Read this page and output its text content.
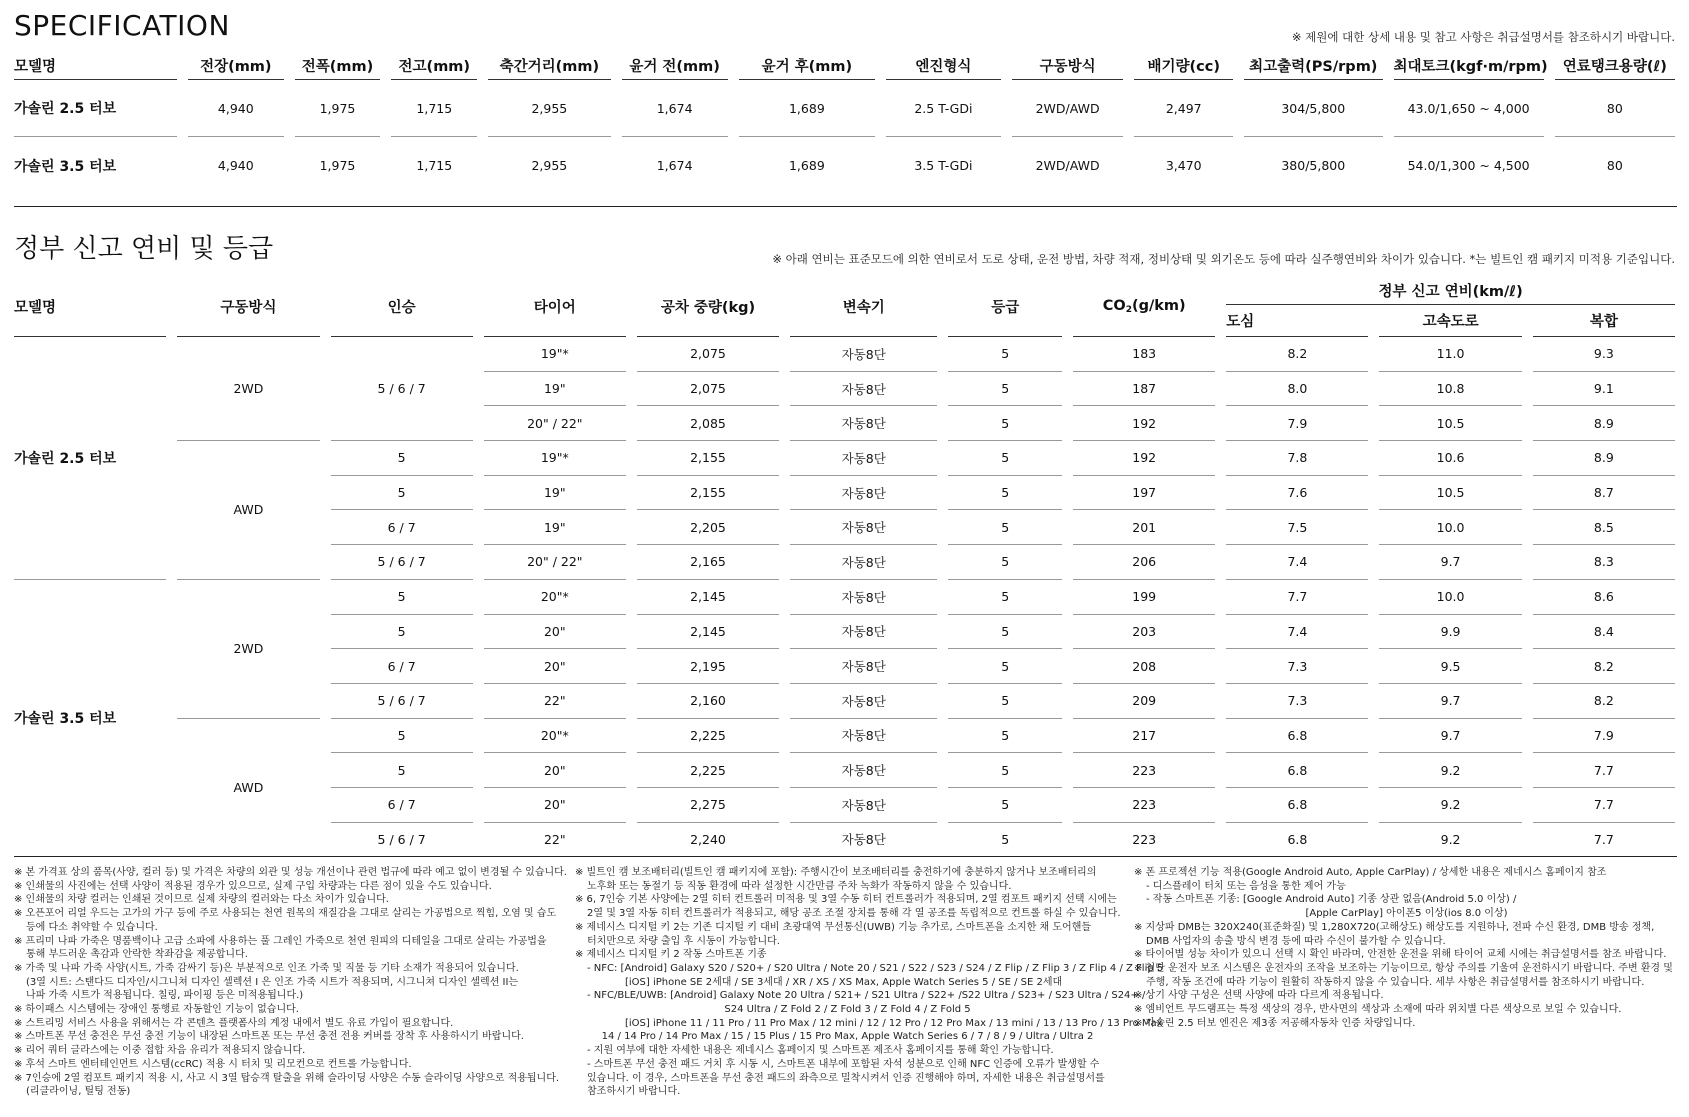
SPECIFICATION	※ 제원에 대한 상세 내용 및 참고 사항은 취급설명서를 참조하시기 바랍니다.
모델명	전장(mm)	전폭(mm)	전고(mm)	축간거리(mm)	윤거 전(mm)	윤거 후(mm)	엔진형식	구동방식	배기량(cc)	최고출력(PS/rpm)	최대토크(kgf·m/rpm)	연료탱크용량(ℓ)
가솔린 2.5 터보	4,940	1,975	1,715	2,955	1,674	1,689	2.5 T-GDi	2WD/AWD	2,497	304/5,800	43.0/1,650 ~ 4,000	80
가솔린 3.5 터보	4,940	1,975	1,715	2,955	1,674	1,689	3.5 T-GDi	2WD/AWD	3,470	380/5,800	54.0/1,300 ~ 4,500	80
정부 신고 연비 및 등급	※ 아래 연비는 표준모드에 의한 연비로서 도로 상태, 운전 방법, 차량 적재, 정비상태 및 외기온도 등에 따라 실주행연비와 차이가 있습니다. *는 빌트인 캠 패키지 미적용 기준입니다.
모델명	구동방식	인승	타이어	공차 중량(kg)	변속기	등급	$CO_2(g/km)$	정부 신고 연비(km/ℓ)		
								도심	고속도로	복합
가솔린 2.5 터보	2WD	5 / 6 / 7	19"*	2,075	자동8단	5	183	8.2	11.0	9.3
			19"	2,075	자동8단	5	187	8.0	10.8	9.1
			20" / 22"	2,085	자동8단	5	192	7.9	10.5	8.9
	AWD	5	19"*	2,155	자동8단	5	192	7.8	10.6	8.9
		5	19"	2,155	자동8단	5	197	7.6	10.5	8.7
		6 / 7	19"	2,205	자동8단	5	201	7.5	10.0	8.5
		5 / 6 / 7	20" / 22"	2,165	자동8단	5	206	7.4	9.7	8.3
가솔린 3.5 터보	2WD	5	20"*	2,145	자동8단	5	199	7.7	10.0	8.6
		5	20"	2,145	자동8단	5	203	7.4	9.9	8.4
		6 / 7	20"	2,195	자동8단	5	208	7.3	9.5	8.2
		5 / 6 / 7	22"	2,160	자동8단	5	209	7.3	9.7	8.2
	AWD	5	20"*	2,225	자동8단	5	217	6.8	9.7	7.9
		5	20"	2,225	자동8단	5	223	6.8	9.2	7.7
		6 / 7	20"	2,275	자동8단	5	223	6.8	9.2	7.7
		5 / 6 / 7	22"	2,240	자동8단	5	223	6.8	9.2	7.7
※ 본 가격표 상의 품목(사양, 컬러 등) 및 가격은 차량의 외관 및 성능 개선이나 관련 법규에 따라 예고 없이 변경될 수 있습니다.
※ 인쇄물의 사진에는 선택 사양이 적용된 경우가 있으므로, 실제 구입 차량과는 다른 점이 있을 수도 있습니다.
※ 인쇄물의 차량 컬러는 인쇄된 것이므로 실제 차량의 컬러와는 다소 차이가 있습니다.
※ 오픈포어 리얼 우드는 고가의 가구 등에 주로 사용되는 천연 원목의 재질감을 그대로 살리는 가공법으로 찍힘, 오염 및 습도
등에 다소 취약할 수 있습니다.
※ 프리미 나파 가죽은 명품백이나 고급 소파에 사용하는 풀 그레인 가죽으로 천연 원피의 디테일을 그대로 살리는 가공법을
통해 부드러운 촉감과 안락한 착좌감을 제공합니다.
※ 가죽 및 나파 가죽 사양(시트, 가죽 감싸기 등)은 부분적으로 인조 가죽 및 직물 등 기타 소재가 적용되어 있습니다.
(3열 시트: 스탠다드 디자인/시그니쳐 디자인 셀렉션 I 은 인조 가죽 시트가 적용되며, 시그니쳐 디자인 셀렉션 II는
나파 가죽 시트가 적용됩니다. 칠링, 파이핑 등은 미적용됩니다.)
※ 하이패스 시스템에는 장애인 통행료 자동할인 기능이 없습니다.
※ 스트리밍 서비스 사용을 위해서는 각 콘텐츠 플랫폼사의 계정 내에서 별도 유료 가입이 필요합니다.
※ 스마트폰 무선 충전은 무선 충전 기능이 내장된 스마트폰 또는 무선 충전 전용 커버를 장착 후 사용하시기 바랍니다.
※ 리어 쿼터 글라스에는 이중 접합 차음 유리가 적용되지 않습니다.
※ 후석 스마트 엔터테인먼트 시스템(ccRC) 적용 시 터치 및 리모컨으로 컨트롤 가능합니다.
※ 7인승에 2열 컴포트 패키지 적용 시, 사고 시 3열 탑승객 탈출을 위해 슬라이딩 사양은 수동 슬라이딩 사양으로 적용됩니다.
(리클라이닝, 틸팅 전동)
※ 빌트인 캠 보조배터리(빌트인 캠 패키지에 포함): 주행시간이 보조배터리를 충전하기에 충분하지 않거나 보조배터리의
노후화 또는 동절기 등 직동 환경에 따라 설정한 시간만큼 주차 녹화가 작동하지 않을 수 있습니다.
※ 6, 7인승 기본 사양에는 2열 히터 컨트롤러 미적용 및 3열 수동 히터 컨트롤러가 적용되며, 2열 컴포트 패키지 선택 시에는
2열 및 3열 자동 히터 컨트롤러가 적용되고, 해당 공조 조절 장치를 통해 각 열 공조를 독립적으로 컨트롤 하실 수 있습니다.
※ 제네시스 디지털 키 2는 기존 디지털 키 대비 초광대역 무선통신(UWB) 기능 추가로, 스마트폰을 소지한 채 도어핸들
터치만으로 차량 출입 후 시동이 가능합니다.
※ 제네시스 디지털 키 2 작동 스마트폰 기종
- NFC: [Android] Galaxy S20 / S20+ / S20 Ultra / Note 20 / S21 / S22 / S23 / S24 / Z Flip / Z Flip 3 / Z Flip 4 / Z Flip 5
[iOS] iPhone SE 2세대 / SE 3세대 / XR / XS / XS Max, Apple Watch Series 5 / SE / SE 2세대
- NFC/BLE/UWB: [Android] Galaxy Note 20 Ultra / S21+ / S21 Ultra / S22+ /S22 Ultra / S23+ / S23 Ultra / S24+ /
S24 Ultra / Z Fold 2 / Z Fold 3 / Z Fold 4 / Z Fold 5
[iOS] iPhone 11 / 11 Pro / 11 Pro Max / 12 mini / 12 / 12 Pro / 12 Pro Max / 13 mini / 13 / 13 Pro / 13 Pro Max
14 / 14 Pro / 14 Pro Max / 15 / 15 Plus / 15 Pro Max, Apple Watch Series 6 / 7 / 8 / 9 / Ultra / Ultra 2
- 지원 여부에 대한 자세한 내용은 제네시스 홈페이지 및 스마트폰 제조사 홈페이지를 통해 확인 가능합니다.
- 스마트폰 무선 충전 패드 거치 후 시동 시, 스마트폰 내부에 포함된 자석 성분으로 인해 NFC 인증에 오류가 발생할 수
있습니다. 이 경우, 스마트폰을 무선 충전 패드의 좌측으로 밀착시켜서 인증 진행해야 하며, 자세한 내용은 취급설명서를
참조하시기 바랍니다.
※ 폰 프로젝션 기능 적용(Google Android Auto, Apple CarPlay) / 상세한 내용은 제네시스 홈페이지 참조
- 디스플레이 터치 또는 음성을 통한 제어 가능
- 작동 스마트폰 기종: [Google Android Auto] 기종 상관 없음(Android 5.0 이상) /
[Apple CarPlay] 아이폰5 이상(ios 8.0 이상)
※ 지상파 DMB는 320X240(표준화질) 및 1,280X720(고해상도) 해상도를 지원하나, 전파 수신 환경, DMB 방송 정책,
DMB 사업자의 송출 방식 변경 등에 따라 수신이 불가할 수 있습니다.
※ 타이어별 성능 차이가 있으니 선택 시 확인 바라며, 안전한 운전을 위해 타이어 교체 시에는 취급설명서를 참조 바랍니다.
※ 첨단 운전자 보조 시스템은 운전자의 조작을 보조하는 기능이므로, 항상 주의를 기울여 운전하시기 바랍니다. 주변 환경 및
주행, 작동 조건에 따라 기능이 원활히 작동하지 않을 수 있습니다. 세부 사항은 취급설명서를 참조하시기 바랍니다.
※ 상기 사양 구성은 선택 사양에 따라 다르게 적용됩니다.
※ 엠비언트 무드램프는 특정 색상의 경우, 반사면의 색상과 소재에 따라 위치별 다른 색상으로 보일 수 있습니다.
※ 가솔린 2.5 터보 엔진은 제3종 저공해자동차 인증 차량입니다.
